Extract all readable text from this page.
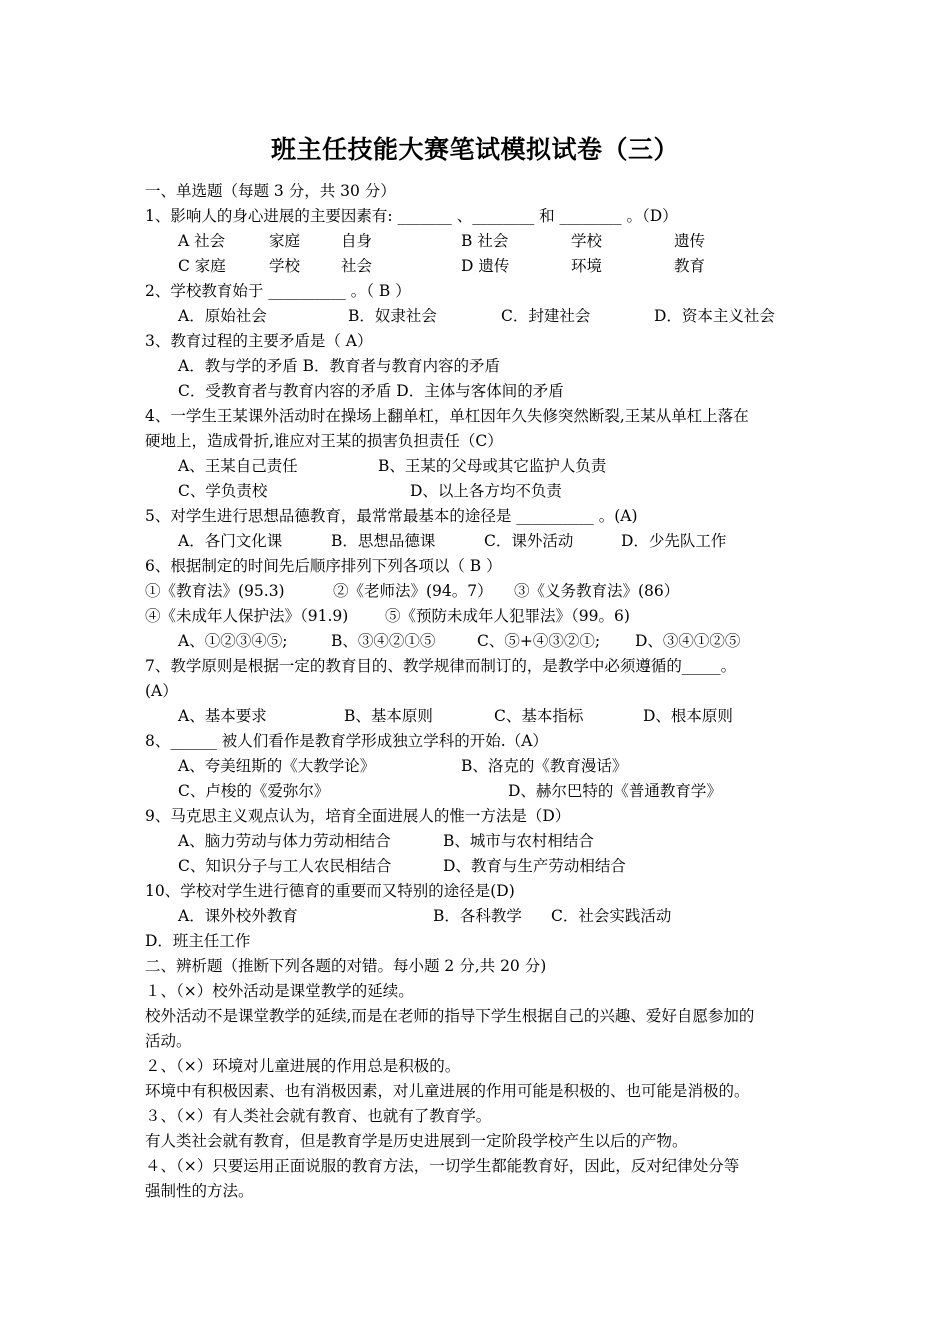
班主任技能大赛笔试模拟试卷（三）
一、单选题（每题 3 分，共 30 分）
1、影响人的身心进展的主要因素有: _______ 、________ 和 ________ 。（D）
A 社会	家庭	自身	B 社会	学校	遗传
C 家庭	学校	社会	D 遗传	环境	教育
2、学校教育始于 __________ 。（ B ）
A．原始社会	B．奴隶社会	C．封建社会	D．资本主义社会
3、教育过程的主要矛盾是（ A）
A．教与学的矛盾 B．教育者与教育内容的矛盾
C．受教育者与教育内容的矛盾 D．主体与客体间的矛盾
4、一学生王某课外活动时在操场上翻单杠，单杠因年久失修突然断裂,王某从单杠上落在
硬地上，造成骨折,谁应对王某的损害负担责任（C）
A、王某自己责任	B、王某的父母或其它监护人负责
C、学负责校	D、以上各方均不负责
5、对学生进行思想品德教育，最常常最基本的途径是 __________ 。(A)
A．各门文化课	B．思想品德课	C．课外活动	D．少先队工作
6、根据制定的时间先后顺序排列下列各项以（ B ）
①《教育法》(95.3)	②《老师法》(94。7） ③《义务教育法》(86）
④《未成年人保护法》（91.9) ⑤《预防未成年人犯罪法》（99。6)
A、①②③④⑤;	B、③④②①⑤	C、⑤+④③②①; D、③④①②⑤
7、教学原则是根据一定的教育目的、教学规律而制订的，是教学中必须遵循的_____。
(A）
A、基本要求	B、基本原则	C、基本指标	D、根本原则
8、______ 被人们看作是教育学形成独立学科的开始.（A）
A、夸美纽斯的《大教学论》	B、洛克的《教育漫话》
C、卢梭的《爱弥尔》	D、赫尔巴特的《普通教育学》
9、马克思主义观点认为，培育全面进展人的惟一方法是（D）
A、脑力劳动与体力劳动相结合	B、城市与农村相结合
C、知识分子与工人农民相结合	D、教育与生产劳动相结合
10、学校对学生进行德育的重要而又特别的途径是(D)
A．课外校外教育	B．各科教学 C．社会实践活动
D．班主任工作
二、辨析题（推断下列各题的对错。每小题 2 分,共 20 分)
１、（×）校外活动是课堂教学的延续。
校外活动不是课堂教学的延续,而是在老师的指导下学生根据自己的兴趣、爱好自愿参加的
活动。
２、（×）环境对儿童进展的作用总是积极的。
环境中有积极因素、也有消极因素，对儿童进展的作用可能是积极的、也可能是消极的。
３、（×）有人类社会就有教育、也就有了教育学。
有人类社会就有教育，但是教育学是历史进展到一定阶段学校产生以后的产物。
４、（×）只要运用正面说服的教育方法，一切学生都能教育好，因此，反对纪律处分等
强制性的方法。
